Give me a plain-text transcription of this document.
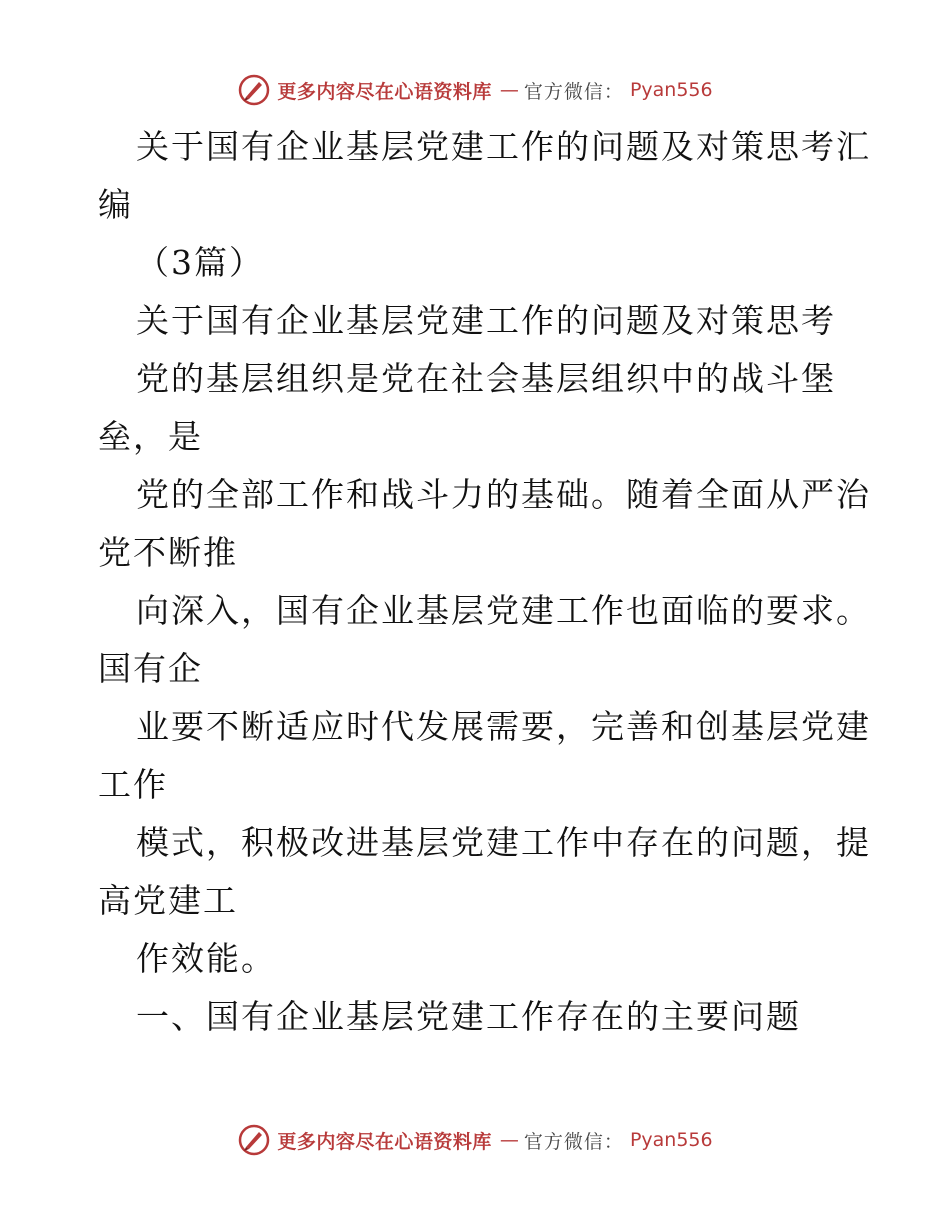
更多内容尽在心语资料库 — 官方微信： Pyan556
关于国有企业基层党建工作的问题及对策思考汇
编
（3篇）
关于国有企业基层党建工作的问题及对策思考
党的基层组织是党在社会基层组织中的战斗堡
垒，是
党的全部工作和战斗力的基础。随着全面从严治
党不断推
向深入，国有企业基层党建工作也面临的要求。
国有企
业要不断适应时代发展需要，完善和创基层党建
工作
模式，积极改进基层党建工作中存在的问题，提
高党建工
作效能。
一、国有企业基层党建工作存在的主要问题
更多内容尽在心语资料库 — 官方微信： Pyan556
